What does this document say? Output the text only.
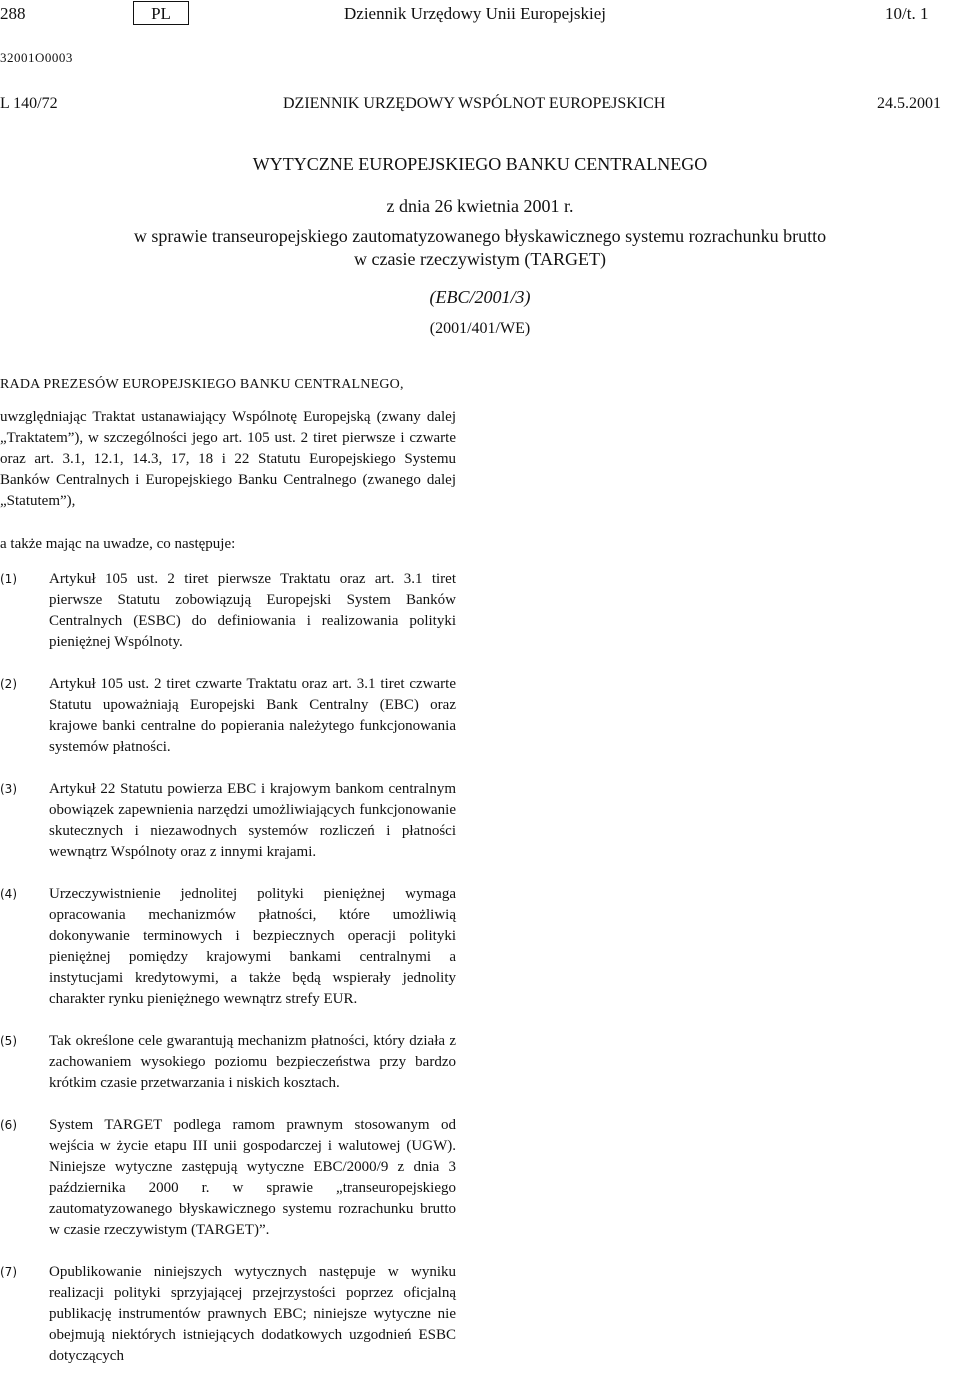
288	PL	Dziennik Urzędowy Unii Europejskiej	10/t. 1
32001O0003
L 140/72	DZIENNIK URZĘDOWY WSPÓLNOT EUROPEJSKICH	24.5.2001
WYTYCZNE EUROPEJSKIEGO BANKU CENTRALNEGO
z dnia 26 kwietnia 2001 r.
w sprawie transeuropejskiego zautomatyzowanego błyskawicznego systemu rozrachunku brutto
w czasie rzeczywistym (TARGET)
(EBC/2001/3)
(2001/401/WE)

RADA PREZESÓW EUROPEJSKIEGO BANKU CENTRALNEGO,

uwzględniając Traktat ustanawiający Wspólnotę Europejską (zwany dalej „Traktatem”), w szczególności jego art. 105 ust. 2 tiret pierwsze i czwarte oraz art. 3.1, 12.1, 14.3, 17, 18 i 22 Statutu Europejskiego Systemu Banków Centralnych i Europejskiego Banku Centralnego (zwanego dalej „Statutem”),

a także mając na uwadze, co następuje:

(1)	Artykuł 105 ust. 2 tiret pierwsze Traktatu oraz art. 3.1 tiret pierwsze Statutu zobowiązują Europejski System Banków Centralnych (ESBC) do definiowania i realizowania polityki pieniężnej Wspólnoty.
(2)	Artykuł 105 ust. 2 tiret czwarte Traktatu oraz art. 3.1 tiret czwarte Statutu upoważniają Europejski Bank Centralny (EBC) oraz krajowe banki centralne do popierania należytego funkcjonowania systemów płatności.
(3)	Artykuł 22 Statutu powierza EBC i krajowym bankom centralnym obowiązek zapewnienia narzędzi umożliwiających funkcjonowanie skutecznych i niezawodnych systemów rozliczeń i płatności wewnątrz Wspólnoty oraz z innymi krajami.
(4)	Urzeczywistnienie jednolitej polityki pieniężnej wymaga opracowania mechanizmów płatności, które umożliwią dokonywanie terminowych i bezpiecznych operacji polityki pieniężnej pomiędzy krajowymi bankami centralnymi a instytucjami kredytowymi, a także będą wspierały jednolity charakter rynku pieniężnego wewnątrz strefy EUR.
(5)	Tak określone cele gwarantują mechanizm płatności, który działa z zachowaniem wysokiego poziomu bezpieczeństwa przy bardzo krótkim czasie przetwarzania i niskich kosztach.
(6)	System TARGET podlega ramom prawnym stosowanym od wejścia w życie etapu III unii gospodarczej i walutowej (UGW). Niniejsze wytyczne zastępują wytyczne EBC/2000/9 z dnia 3 października 2000 r. w sprawie „transeuropejskiego zautomatyzowanego błyskawicznego systemu rozrachunku brutto w czasie rzeczywistym (TARGET)”.
(7)	Opublikowanie niniejszych wytycznych następuje w wyniku realizacji polityki sprzyjającej przejrzystości poprzez oficjalną publikację instrumentów prawnych EBC; niniejsze wytyczne nie obejmują niektórych istniejących dodatkowych uzgodnień ESBC dotyczących
